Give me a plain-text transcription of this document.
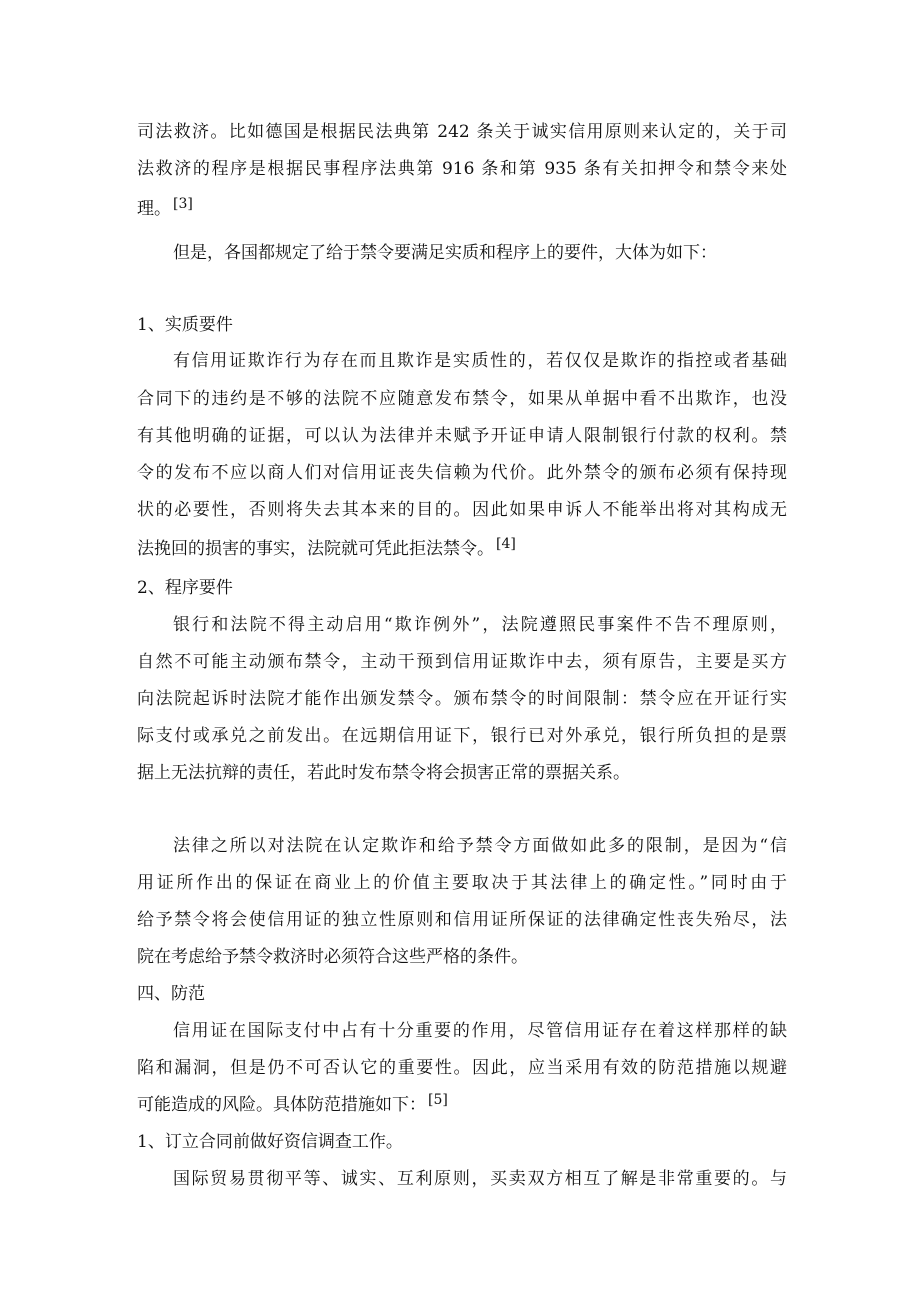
司法救济。比如德国是根据民法典第 242 条关于诚实信用原则来认定的，关于司
法救济的程序是根据民事程序法典第 916 条和第 935 条有关扣押令和禁令来处
理。 [3]
但是，各国都规定了给于禁令要满足实质和程序上的要件，大体为如下：
1、实质要件
有信用证欺诈行为存在而且欺诈是实质性的，若仅仅是欺诈的指控或者基础
合同下的违约是不够的法院不应随意发布禁令，如果从单据中看不出欺诈，也没
有其他明确的证据，可以认为法律并未赋予开证申请人限制银行付款的权利。禁
令的发布不应以商人们对信用证丧失信赖为代价。此外禁令的颁布必须有保持现
状的必要性，否则将失去其本来的目的。因此如果申诉人不能举出将对其构成无
法挽回的损害的事实，法院就可凭此拒法禁令。 [4]
2、程序要件
银行和法院不得主动启用“欺诈例外”，法院遵照民事案件不告不理原则，
自然不可能主动颁布禁令，主动干预到信用证欺诈中去，须有原告，主要是买方
向法院起诉时法院才能作出颁发禁令。颁布禁令的时间限制：禁令应在开证行实
际支付或承兑之前发出。在远期信用证下，银行已对外承兑，银行所负担的是票
据上无法抗辩的责任，若此时发布禁令将会损害正常的票据关系。
法律之所以对法院在认定欺诈和给予禁令方面做如此多的限制，是因为“信
用证所作出的保证在商业上的价值主要取决于其法律上的确定性。”同时由于
给予禁令将会使信用证的独立性原则和信用证所保证的法律确定性丧失殆尽，法
院在考虑给予禁令救济时必须符合这些严格的条件。
四、防范
信用证在国际支付中占有十分重要的作用，尽管信用证存在着这样那样的缺
陷和漏洞，但是仍不可否认它的重要性。因此，应当采用有效的防范措施以规避
可能造成的风险。具体防范措施如下： [5]
1、订立合同前做好资信调查工作。
国际贸易贯彻平等、诚实、互利原则，买卖双方相互了解是非常重要的。与
